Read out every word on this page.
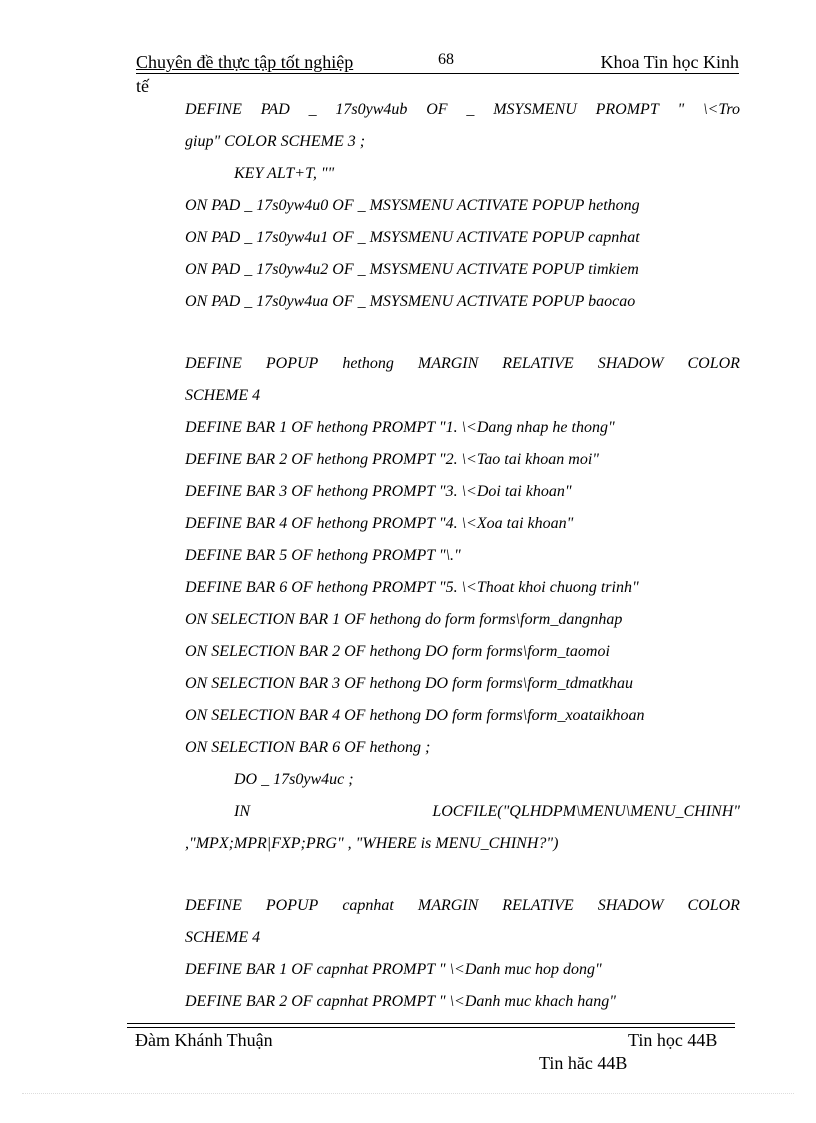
Chuyên đề thực tập tốt nghiệp	68	Khoa Tin học Kinh
tế
DEFINE PAD _ 17s0yw4ub OF _ MSYSMENU PROMPT " \<Tro
giup" COLOR SCHEME 3 ;
KEY ALT+T, ""
ON PAD _ 17s0yw4u0 OF _ MSYSMENU ACTIVATE POPUP hethong
ON PAD _ 17s0yw4u1 OF _ MSYSMENU ACTIVATE POPUP capnhat
ON PAD _ 17s0yw4u2 OF _ MSYSMENU ACTIVATE POPUP timkiem
ON PAD _ 17s0yw4ua OF _ MSYSMENU ACTIVATE POPUP baocao
DEFINE POPUP hethong MARGIN RELATIVE SHADOW COLOR
SCHEME 4
DEFINE BAR 1 OF hethong PROMPT "1. \<Dang nhap he thong"
DEFINE BAR 2 OF hethong PROMPT "2. \<Tao tai khoan moi"
DEFINE BAR 3 OF hethong PROMPT "3. \<Doi tai khoan"
DEFINE BAR 4 OF hethong PROMPT "4. \<Xoa tai khoan"
DEFINE BAR 5 OF hethong PROMPT "\."
DEFINE BAR 6 OF hethong PROMPT "5. \<Thoat khoi chuong trinh"
ON SELECTION BAR 1 OF hethong do form forms\form_dangnhap
ON SELECTION BAR 2 OF hethong DO form forms\form_taomoi
ON SELECTION BAR 3 OF hethong DO form forms\form_tdmatkhau
ON SELECTION BAR 4 OF hethong DO form forms\form_xoataikhoan
ON SELECTION BAR 6 OF hethong ;
DO _ 17s0yw4uc ;
IN	LOCFILE("QLHDPM\MENU\MENU_CHINH"
,"MPX;MPR|FXP;PRG" , "WHERE is MENU_CHINH?")
DEFINE POPUP capnhat MARGIN RELATIVE SHADOW COLOR
SCHEME 4
DEFINE BAR 1 OF capnhat PROMPT " \<Danh muc hop dong"
DEFINE BAR 2 OF capnhat PROMPT " \<Danh muc khach hang"
Đàm Khánh Thuận	Tin học 44B
Tin hăc 44B
